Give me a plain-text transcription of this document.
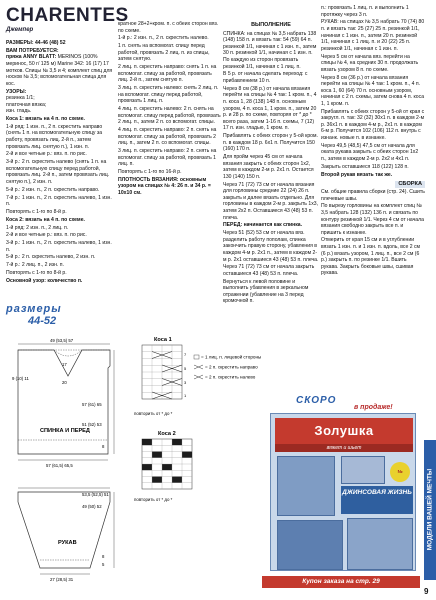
CHARENTES
Джемпер

РАЗМЕРЫ: 44-46 (48) 52

ВАМ ПОТРЕБУЕТСЯ:
пряжа ANNY BLATT: MERINOS (100% меринос, 50 г/ 125 м) Marine 342: 16 (17) 17 мотков. Спицы № 3,5 и 4; комплект спиц для носков № 3,5; вспомогательная спица для кос.

УЗОРЫ:
резинка 1/1;
платочная вязка;
изн. гладь.

Коса 1: вязать на 4 п. по схеме.

1-й ряд: 1 изн. п., 2 п. скрестить направо (снять 1 п. на вспомогательную спицу за работу, провязать лиц. 2-й п., затем провязать лиц. снятую п.), 1 изн. п.

2-й и все четные р.: вяз. п. по рис.

3-й р.: 2 п. скрестить налево (снять 1 п. на вспомогательную спицу перед работой, провязать лиц. 2-й п., затем провязать лиц. снятую п.), 2 изн. п.

5-й р.: 2 изн. п., 2 п. скрестить направо.

7-й р.: 1 изн. п., 2 п. скрестить налево, 1 изн. п.

Повторять с 1-го по 8-й р.

Коса 2: вязать на 4 п. по схеме.

1-й ряд: 2 изн. п., 2 лиц. п.

2-й и все четные р.: вяз. п. по рис.

3-й р.: 1 изн. п., 2 п. скрестить налево, 1 изн. п.

5-й р.: 2 п. скрестить налево, 2 изн. п.

7-й р.: 2 лиц. п., 2 изн. п.

Повторять с 1-го по 8-й р.

Основной узор: количество п.

размеры
44-52

кратное 28+2+кром. п. с обеих сторон вяз. по схеме.

1-й р.: 2 изн. п., 2 п. скрестить налево.

1 п. снять на вспомогат. спицу перед работой, провязать 2 лиц. п. из спицы, затем снятую.

2 лиц. п. скрестить направо: снять 1 п. на вспомогат. спицу за работой, провязать лиц. 2-й п., затем снятую п.

3 лиц. п. скрестить налево: снять 2 лиц. п. на вспомогат. спицу перед работой, провязать 1 лиц. п.

4 лиц. п. скрестить налево: 2 п. снять на вспомогат. спицу перед работой, провязать 2 лиц. п., затем 2 п. со вспомогат. спицы.

4 лиц. п. скрестить направо: 2 п. снять на вспомогат. спицу за работой, провязать 2 лиц. п., затем 2 п. со вспомогат. спицы.

3 лиц. п. скрестить направо: 2 п. снять на вспомогат. спицу за работой, провязать 1 лиц. п.

Повторять с 1-го по 16-й р.

ПЛОТНОСТЬ ВЯЗАНИЯ: основным узором на спицах № 4: 26 п. и 34 р. = 10х10 см.

ВЫПОЛНЕНИЕ

СПИНКА: на спицах № 3,5 набрать 138 (148) 158 п. и вязать так: 54 (59) 64 п. резинкой 1/1, начиная с 1 изн. п., затем 30 п. резинкой 1/1, начиная с 1 изн. п. По каждую из сторон провязать резинкой 1/1, начиная с 1 лиц. п.

В 5 р. от начала сделать переход: с прибавлением 10 п.

Через 8 см (38 р.) от начала вязания перейти на спицы № 4 так: 1 кром. п., 4 п. коса 1, 28 (138) 148 п. основным узором, 4 п. коса 1, 1 кром. п., затем 20 р. и 28 р. по схеме, повторяя от * до * всего раза, затем 1-16 п. схемы, 7 (12) 17 п. изн. гладью, 1 кром. п.

Прибавлять с обеих сторон у 5-ой кром. п. в каждом 18 р. 6х1 п. Получится 150 (160) 170 п.

Для пройм через 45 см от начала вязания закрыть с обеих сторон 1х2, затем в каждом 2-м р. 2х1 п. Остается 130 (140) 150 п.

Через 71 (72) 73 см от начала вязания для горловины средние 22 (24) 26 п. закрыть и далее вязать отдельно. Для горловины в каждом 2-м р. закрыть 1х3, затем 2х2 п. Оставшиеся 43 (48) 53 п. плеча.

ПЕРЕД: начинается как спинка.

Через 51 (52) 53 см от начала вяз. разделить работу пополам, спинка закончить правую сторону, убавления в каждом 4-м р. 2х1 п., затем в каждом 2-м р. 2х1 оставшиеся 43 (48) 53 п. плеча.

Через 71 (72) 73 см от начала закрыть оставшиеся 43 (48) 53 п. плеча.

Вернуться к левой половине и выполнить убавления в зеркальном отражении (убавление на 3 перед кромочной п.

п.: провязать 1 лиц. п. и выполнить 1 протяжку через 3 п.

РУКАВ: на спицах № 3,5 набрать 70 (74) 80 п. и вязать так: 25 (27) 25 п. резинкой 1/1, начиная с 1 изн. п., затем 20 п. резинкой 1/1, начиная с 1 лиц. п. и 20 (22) 25 п. резинкой 1/1, начиная с 1 изн. п.

Через 5 см от начала вяз. перейти на спицы № 4, на средних 30 п. продолжать вязать узором 8 п. по схеме.

Через 8 см (36 р.) от начала вязания перейти на спицы № 4 так: 1 кром. п., 4 п. коса 1, 60 (64) 70 п. основным узором, начиная с 2 п. схемы, затем снова 4 п. коса 1, 1 кром. п.

Прибавлять с обеих сторон у 5-ой от края с закругл. п. так: 32 (32) 30х1 п. в каждом 2-м р. 36х1 п. в каждом 4-м р., 2х1 п. в каждом 6-м р. Получится 102 (106) 112 п. внутрь с изнанк. новые п. в изнанке.

Через 49,5 (48,5) 47,5 см от начала для оката рукава закрыть с обеих сторон 1х2 п., затем в каждом 2-м р. 2х2 и 4х1 п.

Закрыть оставшиеся 118 (122) 128 п.

Второй рукав вязать так же.

СБОРКА

См. общие правила сборки (стр. 24). Сшить плечевые швы.

По вырезу горловины на комплект спиц № 3,5 набрать 128 (132) 136 п. и связать по контуру резинкой 1/1. Через 4 см от начала вязания свободно закрыть все п. и пришить к изнанке.

Отмерить от края 15 см и в углублении вязать 1 изн. п. и 1 изн. п. вдоль, все 2 см (6 р.) вязать узором, 1 лиц. п., все 2 см (6 р.) закрыть п. по резинке 1/1. Вшить рукава. Закрыть боковые швы, сшивая рукава.

49 (53,5) 57
17
9 (10) 11
20
57 (61) 65
51 (52) 53
СПИНКА И ПЕРЕД
8
57 (61,5) 65,5
53,5 (52,5) 51
49 (50) 52
РУКАВ
8
5
27 (28,5) 31
Коса 1
1
3
5
7
= 1 лиц. п. лицевой стороны
= 2 п. скрестить направо
= 2 п. скрестить налево
повторить от * до *
Коса 2
повторить от * до *
СКОРО
в продаже!
Золушка
вяжет и шьет
№
ДЖИНСОВАЯ ЖИЗНЬ
Купон заказа на стр. 29
МОДЕЛИ ВАШЕЙ МЕЧТЫ
9
